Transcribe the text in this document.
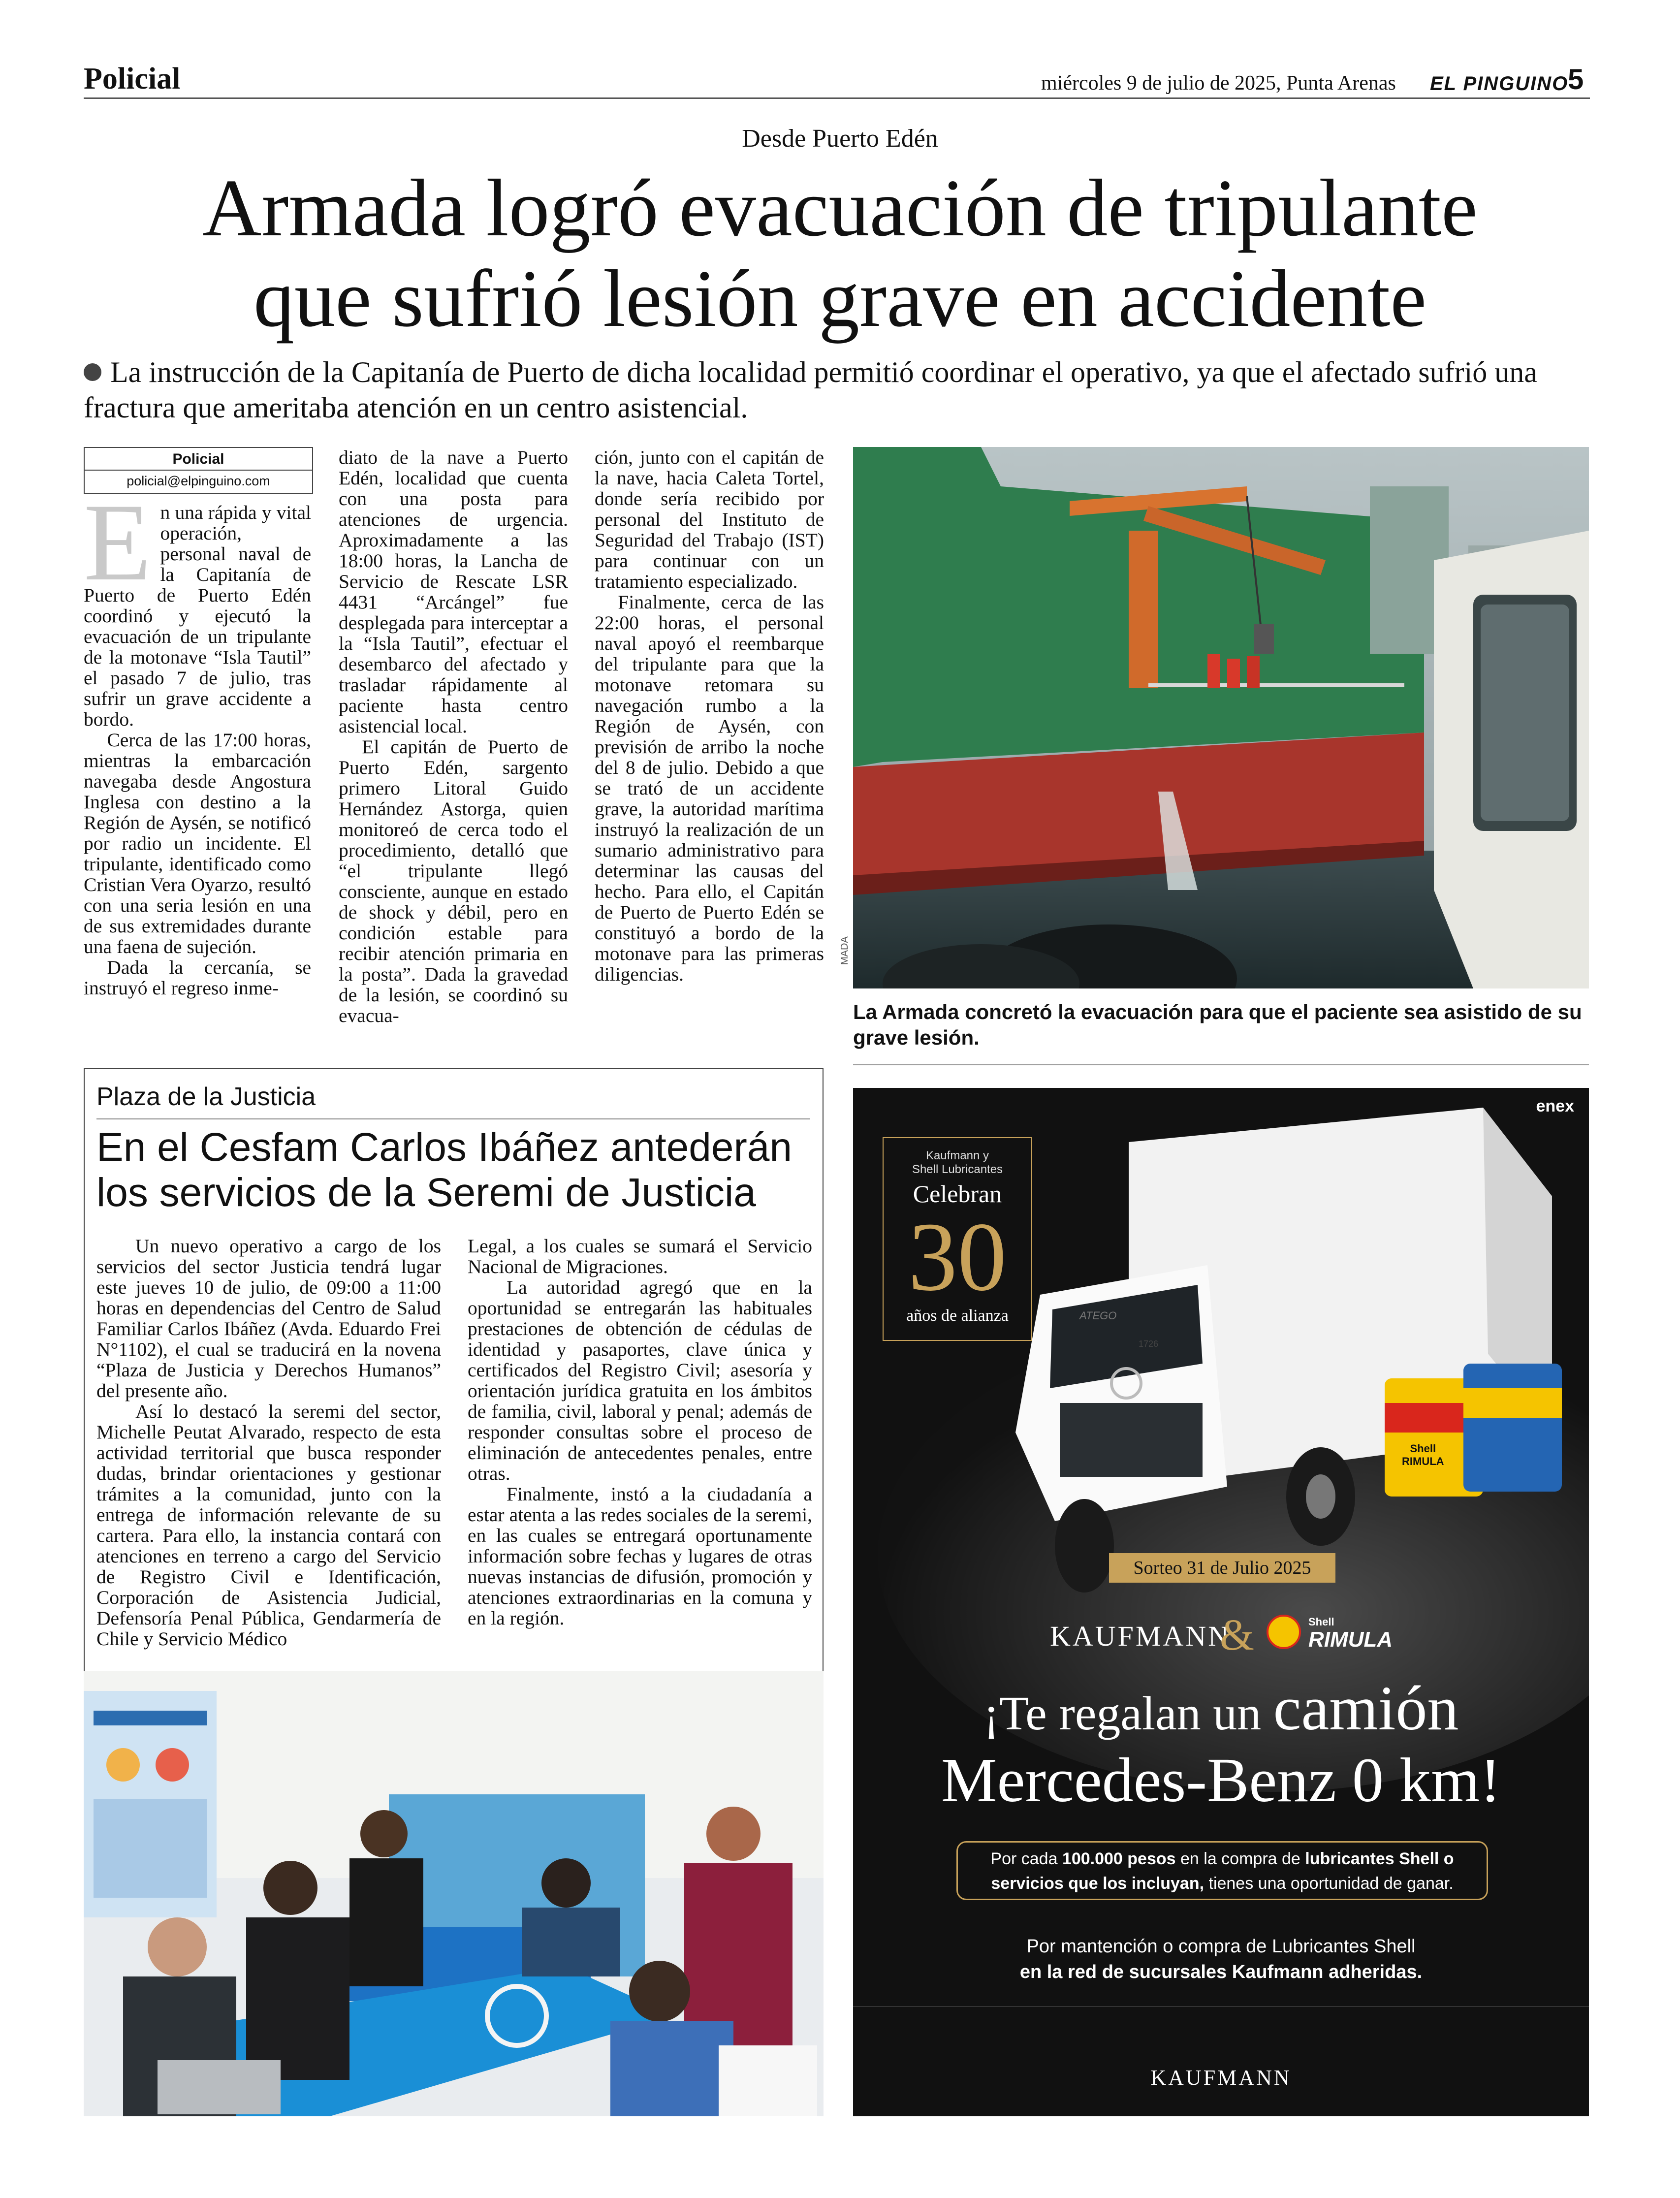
Policial	miércoles 9 de julio de 2025, Punta Arenas EL PINGUINO
5
Desde Puerto Edén
Armada logró evacuación de tripulante
que sufrió lesión grave en accidente
La instrucción de la Capitanía de Puerto de dicha localidad permitió coordinar el operativo, ya que el afectado sufrió una fractura que ameritaba atención en un centro asistencial.
Policial
policial@elpinguino.com

En una rápida y vital operación, personal naval de la Capitanía de Puerto de Puerto Edén coordinó y ejecutó la evacuación de un tripulante de la motonave “Isla Tautil” el pasado 7 de julio, tras sufrir un grave accidente a bordo.

Cerca de las 17:00 horas, mientras la embarcación navegaba desde Angostura Inglesa con destino a la Región de Aysén, se notificó por radio un incidente. El tripulante, identificado como Cristian Vera Oyarzo, resultó con una seria lesión en una de sus extremidades durante una faena de sujeción.

Dada la cercanía, se instruyó el regreso inme-

diato de la nave a Puerto Edén, localidad que cuenta con una posta para atenciones de urgencia. Aproximadamente a las 18:00 horas, la Lancha de Servicio de Rescate LSR 4431 “Arcángel” fue desplegada para interceptar a la “Isla Tautil”, efectuar el desembarco del afectado y trasladar rápidamente al paciente hasta centro asistencial local.

El capitán de Puerto de Puerto Edén, sargento primero Litoral Guido Hernández Astorga, quien monitoreó de cerca todo el procedimiento, detalló que “el tripulante llegó consciente, aunque en estado de shock y débil, pero en condición estable para recibir atención primaria en la posta”. Dada la gravedad de la lesión, se coordinó su evacua-

ción, junto con el capitán de la nave, hacia Caleta Tortel, donde sería recibido por personal del Instituto de Seguridad del Trabajo (IST) para continuar con un tratamiento especializado.

Finalmente, cerca de las 22:00 horas, el personal naval apoyó el reembarque del tripulante para que la motonave retomara su navegación rumbo a la Región de Aysén, con previsión de arribo la noche del 8 de julio. Debido a que se trató de un accidente grave, la autoridad marítima instruyó la realización de un sumario administrativo para determinar las causas del hecho. Para ello, el Capitán de Puerto de Puerto Edén se constituyó a bordo de la motonave para las primeras diligencias.

MADA
La Armada concretó la evacuación para que el paciente sea asistido de su grave lesión.
Plaza de la Justicia
En el Cesfam Carlos Ibáñez antederán
los servicios de la Seremi de Justicia

Un nuevo operativo a cargo de los servicios del sector Justicia tendrá lugar este jueves 10 de julio, de 09:00 a 11:00 horas en dependencias del Centro de Salud Familiar Carlos Ibáñez (Avda. Eduardo Frei N°1102), el cual se traducirá en la novena “Plaza de Justicia y Derechos Humanos” del presente año.

Así lo destacó la seremi del sector, Michelle Peutat Alvarado, respecto de esta actividad territorial que busca responder dudas, brindar orientaciones y gestionar trámites a la comunidad, junto con la entrega de información relevante de su cartera. Para ello, la instancia contará con atenciones en terreno a cargo del Servicio de Registro Civil e Identificación, Corporación de Asistencia Judicial, Defensoría Penal Pública, Gendarmería de Chile y Servicio Médico

Legal, a los cuales se sumará el Servicio Nacional de Migraciones.

La autoridad agregó que en la oportunidad se entregarán las habituales prestaciones de obtención de cédulas de identidad y pasaportes, clave única y certificados del Registro Civil; asesoría y orientación jurídica gratuita en los ámbitos de familia, civil, laboral y penal; además de responder consultas sobre el proceso de eliminación de antecedentes penales, entre otras.

Finalmente, instó a la ciudadanía a estar atenta a las redes sociales de la seremi, en las cuales se entregará oportunamente información sobre fechas y lugares de otras nuevas instancias de difusión, promoción y atenciones extraordinarias en la comuna y en la región.

enex
Kaufmann y
Shell Lubricantes
Celebran
30
años de alianza	ATEGO
1726
Shell
RIMULA
Sorteo 31 de Julio 2025
KAUFMANN
&	Shell
RIMULA
¡Te regalan un camión
Mercedes-Benz 0 km!
Por cada 100.000 pesos en la compra de lubricantes Shell o servicios que los incluyan, tienes una oportunidad de ganar.
Por mantención o compra de Lubricantes Shell
en la red de sucursales Kaufmann adheridas.
KAUFMANN
